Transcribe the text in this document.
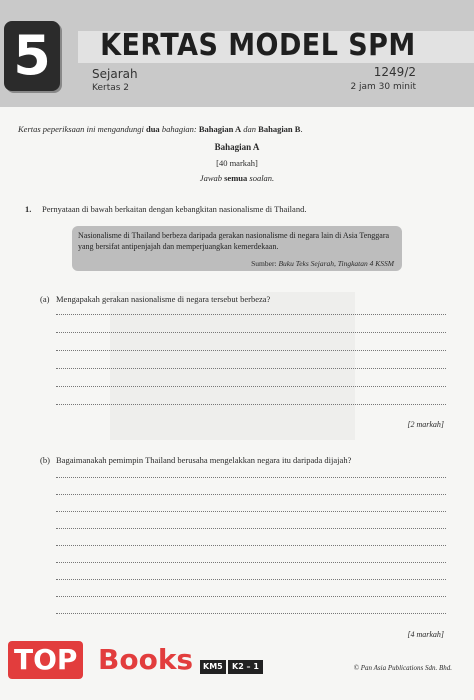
5	KERTAS MODEL SPM
Sejarah
Kertas 2
1249/2
2 jam 30 minit
Kertas peperiksaan ini mengandungi dua bahagian: Bahagian A dan Bahagian B.
Bahagian A
[40 markah]
Jawab semua soalan.
1. Pernyataan di bawah berkaitan dengan kebangkitan nasionalisme di Thailand.
Nasionalisme di Thailand berbeza daripada gerakan nasionalisme di negara lain di Asia Tenggara yang bersifat antipenjajah dan memperjuangkan kemerdekaan.
Sumber: Buku Teks Sejarah, Tingkatan 4 KSSM
(a) Mengapakah gerakan nasionalisme di negara tersebut berbeza?
[2 markah]
(b) Bagaimanakah pemimpin Thailand berusaha mengelakkan negara itu daripada dijajah?
[4 markah]
TOP Books	KM5	K2 – 1	© Pan Asia Publications Sdn. Bhd.
